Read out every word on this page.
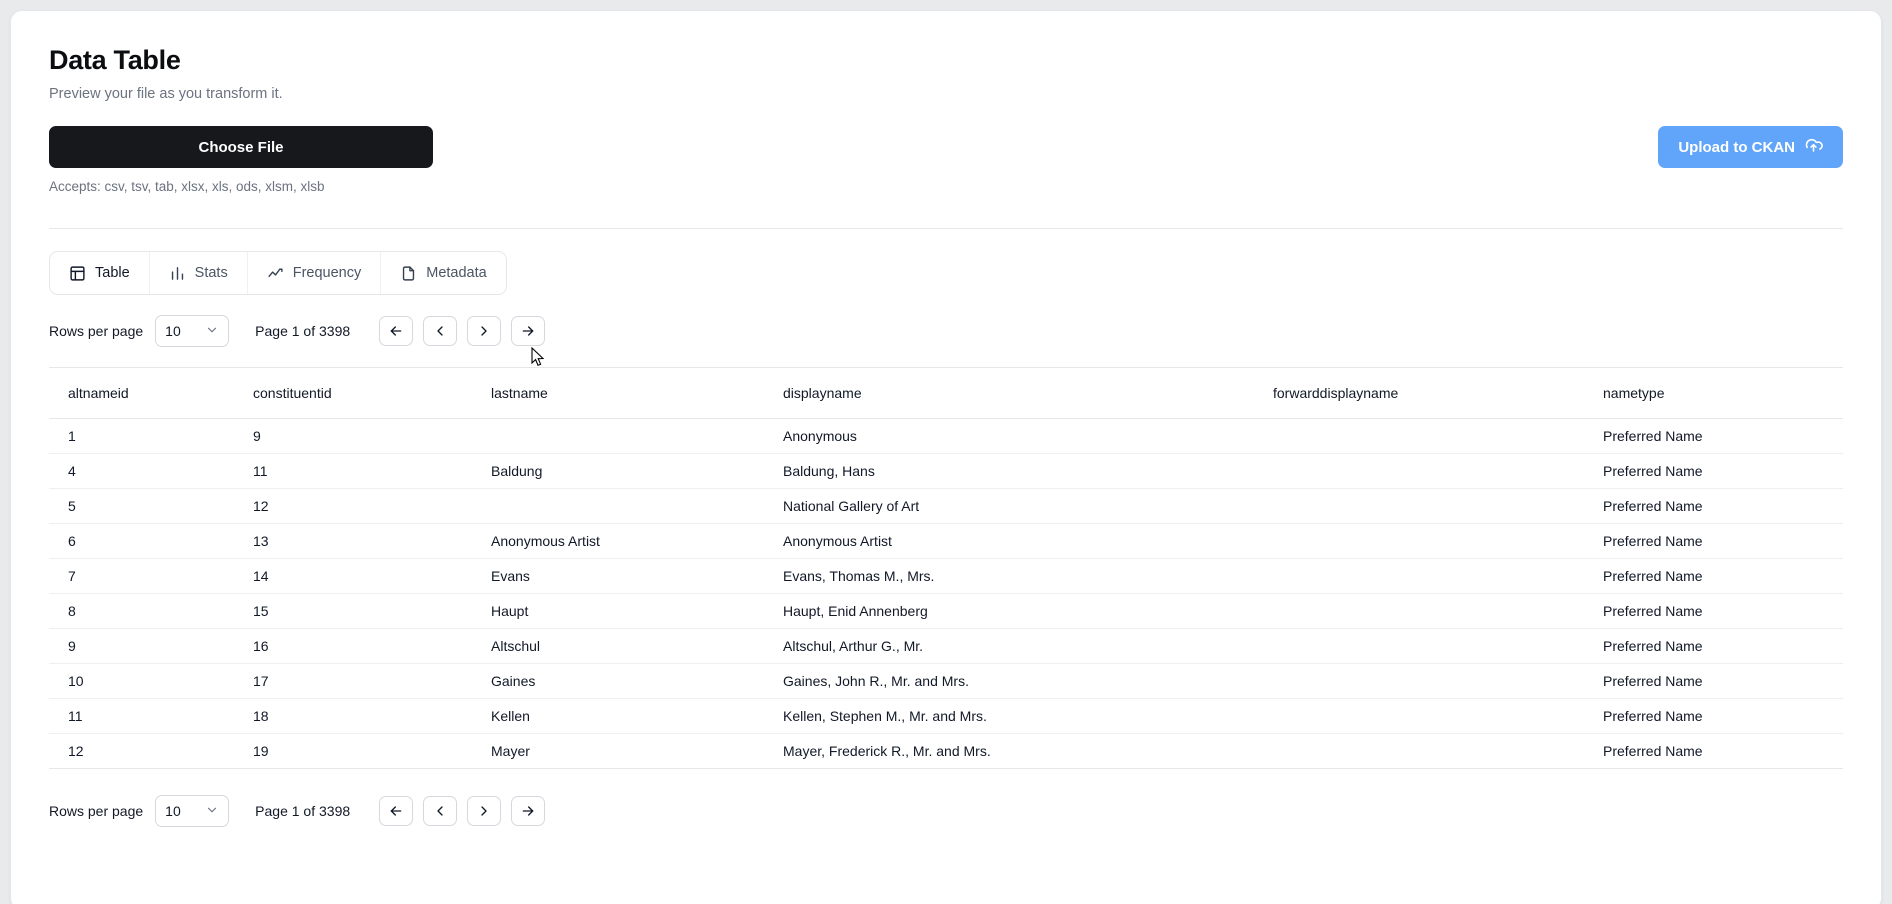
Data Table

Preview your file as you transform it.

Choose File
Accepts: csv, tsv, tab, xlsx, xls, ods, xlsm, xlsb
Upload to CKAN
Table	Stats	Frequency	Metadata
Rows per page 10	Page 1 of 3398
altnameid	constituentid	lastname	displayname	forwarddisplayname	nametype
1	9		Anonymous		Preferred Name
4	11	Baldung	Baldung, Hans		Preferred Name
5	12		National Gallery of Art		Preferred Name
6	13	Anonymous Artist	Anonymous Artist		Preferred Name
7	14	Evans	Evans, Thomas M., Mrs.		Preferred Name
8	15	Haupt	Haupt, Enid Annenberg		Preferred Name
9	16	Altschul	Altschul, Arthur G., Mr.		Preferred Name
10	17	Gaines	Gaines, John R., Mr. and Mrs.		Preferred Name
11	18	Kellen	Kellen, Stephen M., Mr. and Mrs.		Preferred Name
12	19	Mayer	Mayer, Frederick R., Mr. and Mrs.		Preferred Name
Rows per page 10	Page 1 of 3398
